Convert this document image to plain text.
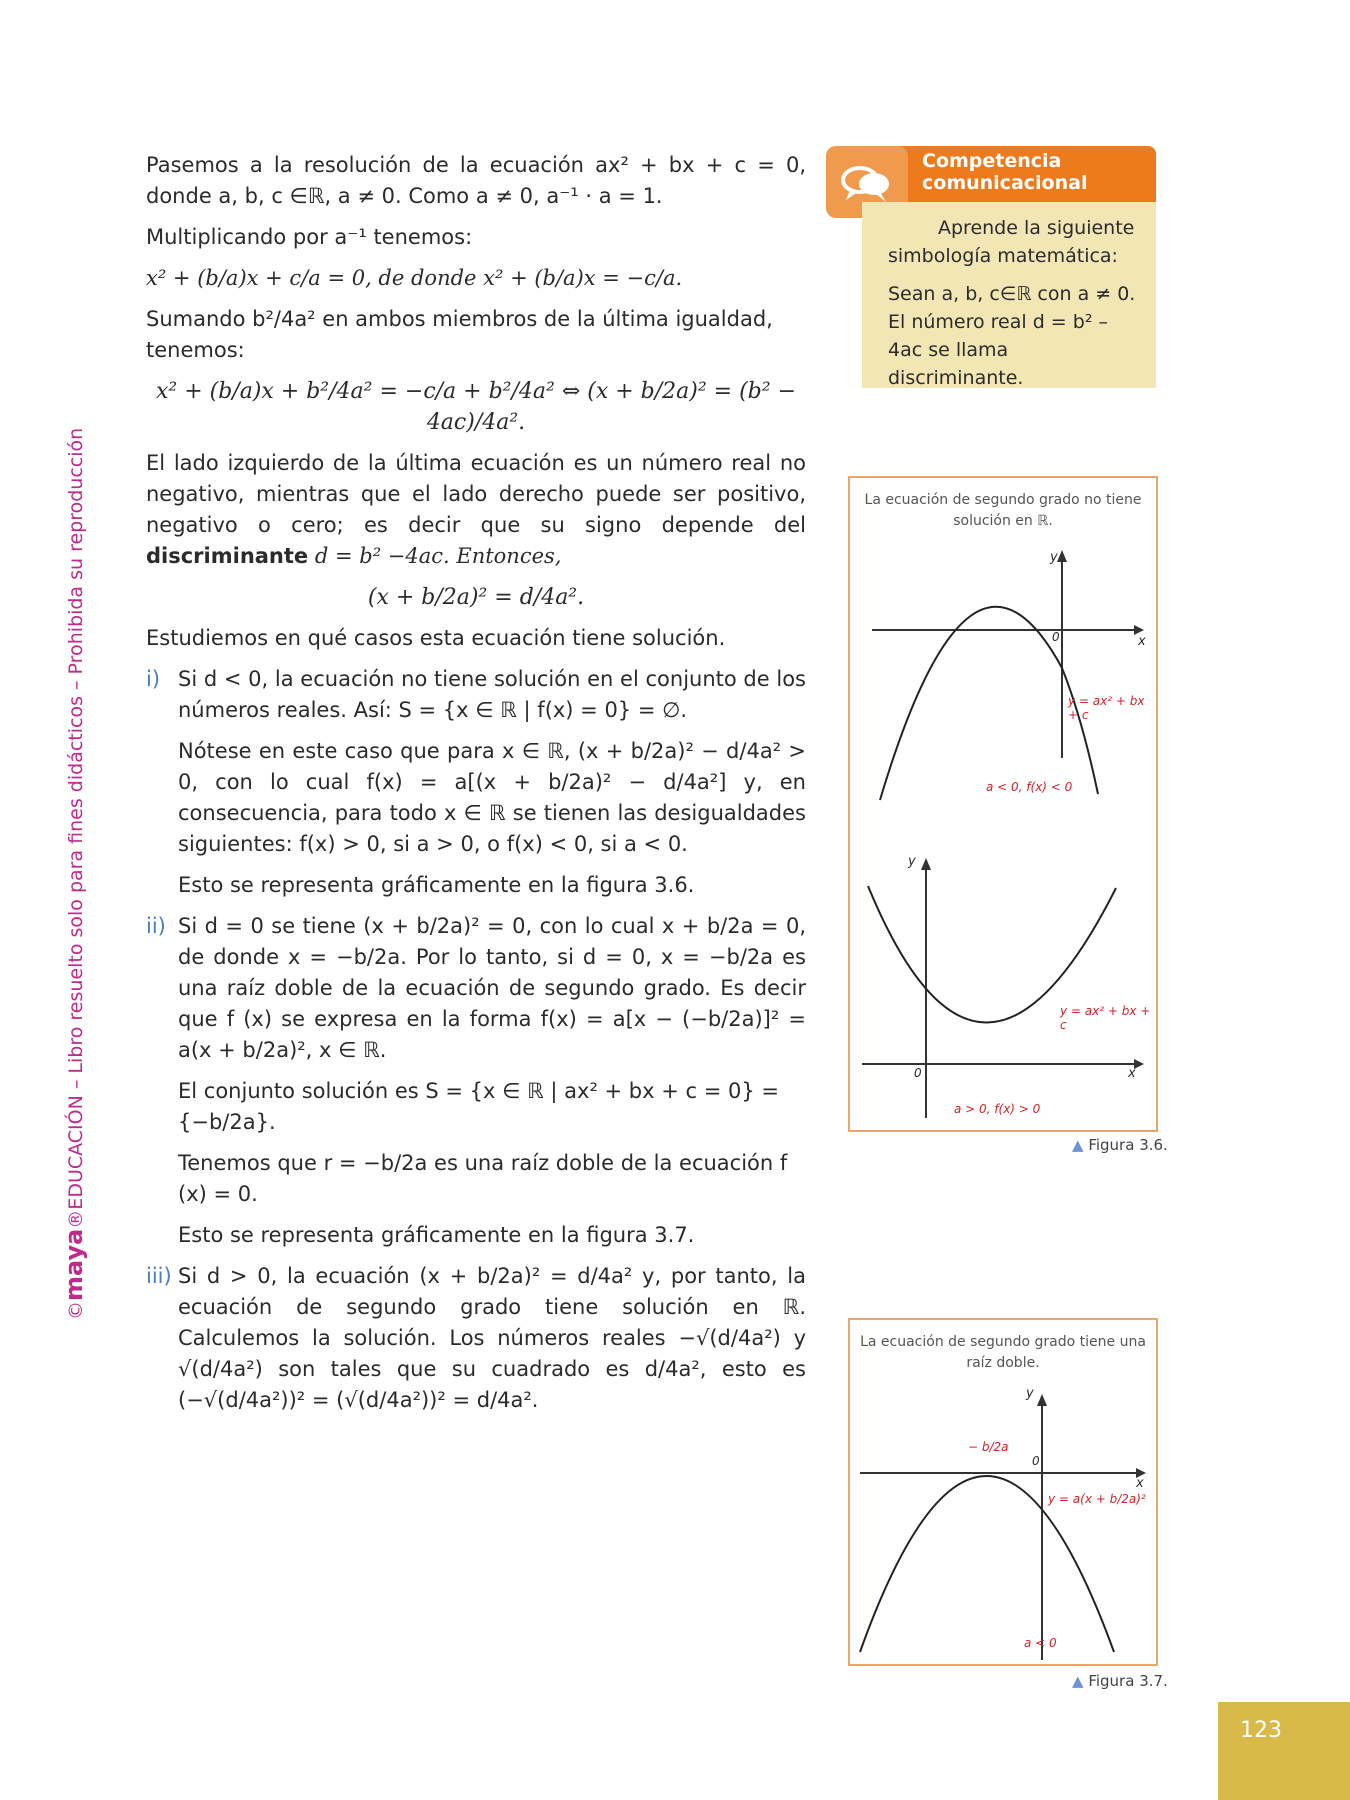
©maya®EDUCACIÓN – Libro resuelto solo para fines didácticos – Prohibida su reproducción

Pasemos a la resolución de la ecuación ax² + bx + c = 0, donde a, b, c ∈ℝ, a ≠ 0. Como a ≠ 0, a⁻¹ · a = 1.

Multiplicando por a⁻¹ tenemos:

x² + (b/a)x + c/a = 0, de donde x² + (b/a)x = −c/a.

Sumando b²/4a² en ambos miembros de la última igualdad, tenemos:

x² + (b/a)x + b²/4a² = −c/a + b²/4a² ⇔ (x + b/2a)² = (b² − 4ac)/4a².

El lado izquierdo de la última ecuación es un número real no negativo, mientras que el lado derecho puede ser positivo, negativo o cero; es decir que su signo depende del discriminante d = b² −4ac. Entonces,

(x + b/2a)² = d/4a².

Estudiemos en qué casos esta ecuación tiene solución.

i) Si d < 0, la ecuación no tiene solución en el conjunto de los números reales. Así: S = {x ∈ ℝ | f(x) = 0} = ∅.

Nótese en este caso que para x ∈ ℝ, (x + b/2a)² − d/4a² > 0, con lo cual f(x) = a[(x + b/2a)² − d/4a²] y, en consecuencia, para todo x ∈ ℝ se tienen las desigualdades siguientes: f(x) > 0, si a > 0, o f(x) < 0, si a < 0.

Esto se representa gráficamente en la figura 3.6.

ii) Si d = 0 se tiene (x + b/2a)² = 0, con lo cual x + b/2a = 0, de donde x = −b/2a. Por lo tanto, si d = 0, x = −b/2a es una raíz doble de la ecuación de segundo grado. Es decir que f (x) se expresa en la forma f(x) = a[x − (−b/2a)]² = a(x + b/2a)², x ∈ ℝ.

El conjunto solución es S = {x ∈ ℝ | ax² + bx + c = 0} = {−b/2a}.

Tenemos que r = −b/2a es una raíz doble de la ecuación f (x) = 0.

Esto se representa gráficamente en la figura 3.7.

iii) Si d > 0, la ecuación (x + b/2a)² = d/4a² y, por tanto, la ecuación de segundo grado tiene solución en ℝ. Calculemos la solución. Los números reales −√(d/4a²) y √(d/4a²) son tales que su cuadrado es d/4a², esto es (−√(d/4a²))² = (√(d/4a²))² = d/4a².

Competencia
comunicacional

Aprende la siguiente simbología matemática:

Sean a, b, c∈ℝ con a ≠ 0.

El número real d = b² – 4ac se llama discriminante.

La ecuación de segundo grado no tiene solución en ℝ.
y
x
0
y = ax² + bx + c
a < 0, f(x) < 0
y
x
0
y = ax² + bx + c
a > 0, f(x) > 0
▲ Figura 3.6.
La ecuación de segundo grado tiene una raíz doble.
y
x
0
− b/2a
y = a(x + b/2a)²
a < 0
▲ Figura 3.7.
123
